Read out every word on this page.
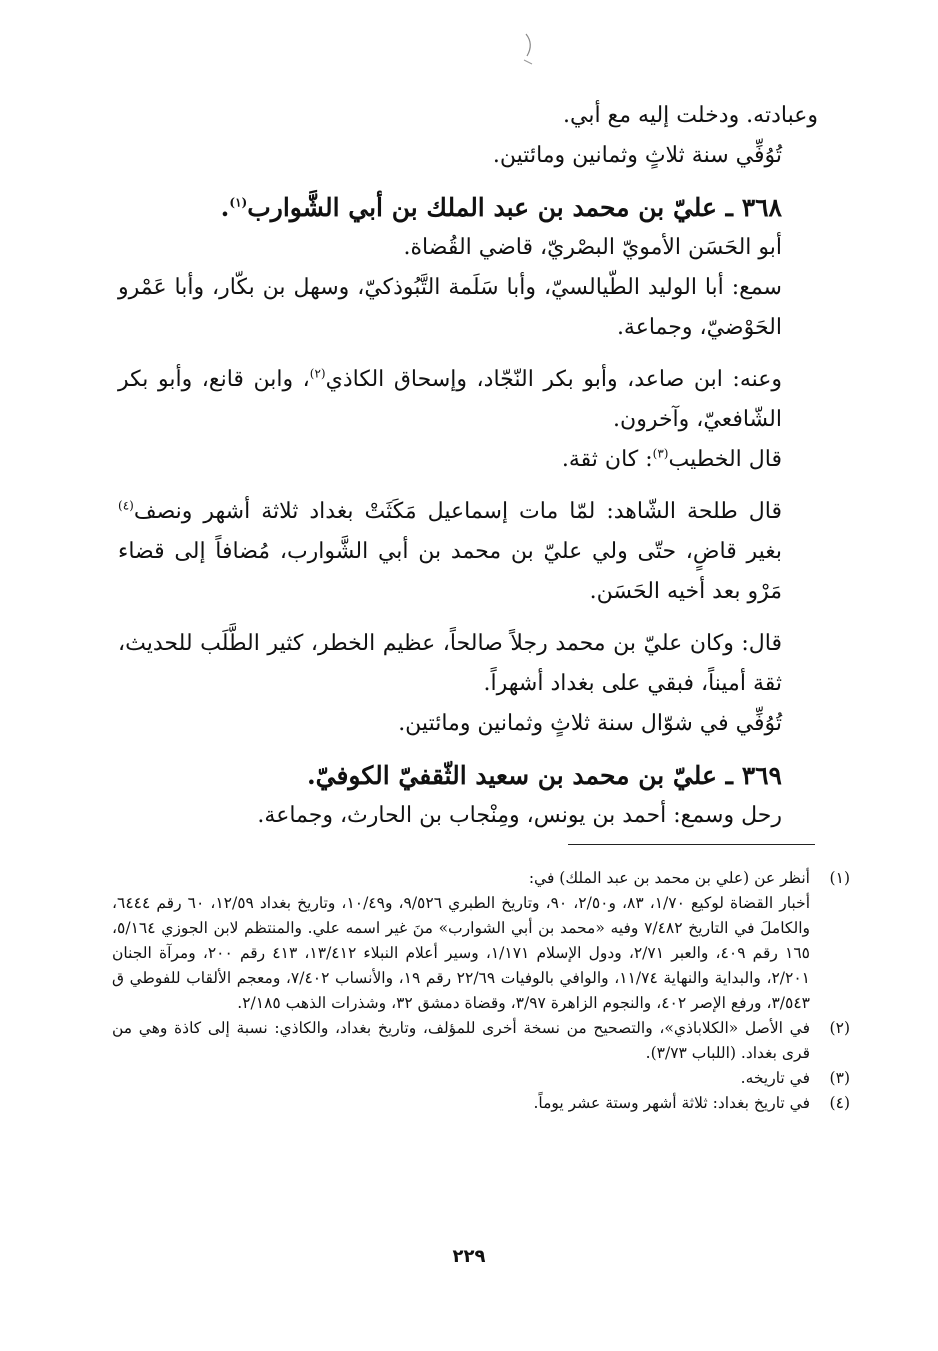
وعبادته. ودخلت إليه مع أبي.

تُوُفِّي سنة ثلاثٍ وثمانين ومائتين.

٣٦٨ ـ عليّ بن محمد بن عبد الملك بن أبي الشَّوارب$^{(١)}$.

أبو الحَسَن الأمويّ البصْريّ، قاضي القُضاة.

سمع: أبا الوليد الطّيالسيّ، وأبا سَلَمة التَّبُوذكيّ، وسهل بن بكّار، وأبا عَمْرو الحَوْضيّ، وجماعة.

وعنه: ابن صاعد، وأبو بكر النّجّاد، وإسحاق الكاذي$^{(٢)}$، وابن قانع، وأبو بكر الشّافعيّ، وآخرون.

قال الخطيب$^{(٣)}$: كان ثقة.

قال طلحة الشّاهد: لمّا مات إسماعيل مَكَثَتْ بغداد ثلاثة أشهر ونصف$^{(٤)}$ بغير قاضٍ، حتّى ولي عليّ بن محمد بن أبي الشَّوارب، مُضافاً إلى قضاء مَرْو بعد أخيه الحَسَن.

قال: وكان عليّ بن محمد رجلاً صالحاً، عظيم الخطر، كثير الطَّلَب للحديث، ثقة أميناً، فبقي على بغداد أشهراً.

تُوُفِّي في شوّال سنة ثلاثٍ وثمانين ومائتين.

٣٦٩ ـ عليّ بن محمد بن سعيد الثّقفيّ الكوفيّ.

رحل وسمع: أحمد بن يونس، ومِنْجاب بن الحارث، وجماعة.

(١)
أنظر عن (علي بن محمد بن عبد الملك) في:
أخبار القضاة لوكيع ١/٧٠، ٨٣، و٢/٥٠، ٩٠، وتاريخ الطبري ٩/٥٢٦، و١٠/٤٩، وتاريخ بغداد ١٢/٥٩، ٦٠ رقم ٦٤٤٤، والكاملَ في التاريخ ٧/٤٨٢ وفيه «محمد بن أبي الشوارب» منَ غير اسمه علي. والمنتظم لابن الجوزي ٥/١٦٤، ١٦٥ رقم ٤٠٩، والعبر ٢/٧١، ودول الإسلام ١/١٧١، وسير أعلام النبلاء ١٣/٤١٢، ٤١٣ رقم ٢٠٠، ومرآة الجنان ٢/٢٠١، والبداية والنهاية ١١/٧٤، والوافي بالوفيات ٢٢/٦٩ رقم ١٩، والأنساب ٧/٤٠٢، ومعجم الألقاب للفوطي ق ٣/٥٤٣، ورفع الإصر ٤٠٢، والنجوم الزاهرة ٣/٩٧، وقضاة دمشق ٣٢، وشذرات الذهب ٢/١٨٥.
(٢)
في الأصل «الكلاباذي»، والتصحيح من نسخة أخرى للمؤلف، وتاريخ بغداد، والكاذي: نسبة إلى كاذة وهي من قرى بغداد. (اللباب ٣/٧٣).
(٣)
في تاريخه.
(٤)
في تاريخ بغداد: ثلاثة أشهر وستة عشر يوماً.
٢٢٩
